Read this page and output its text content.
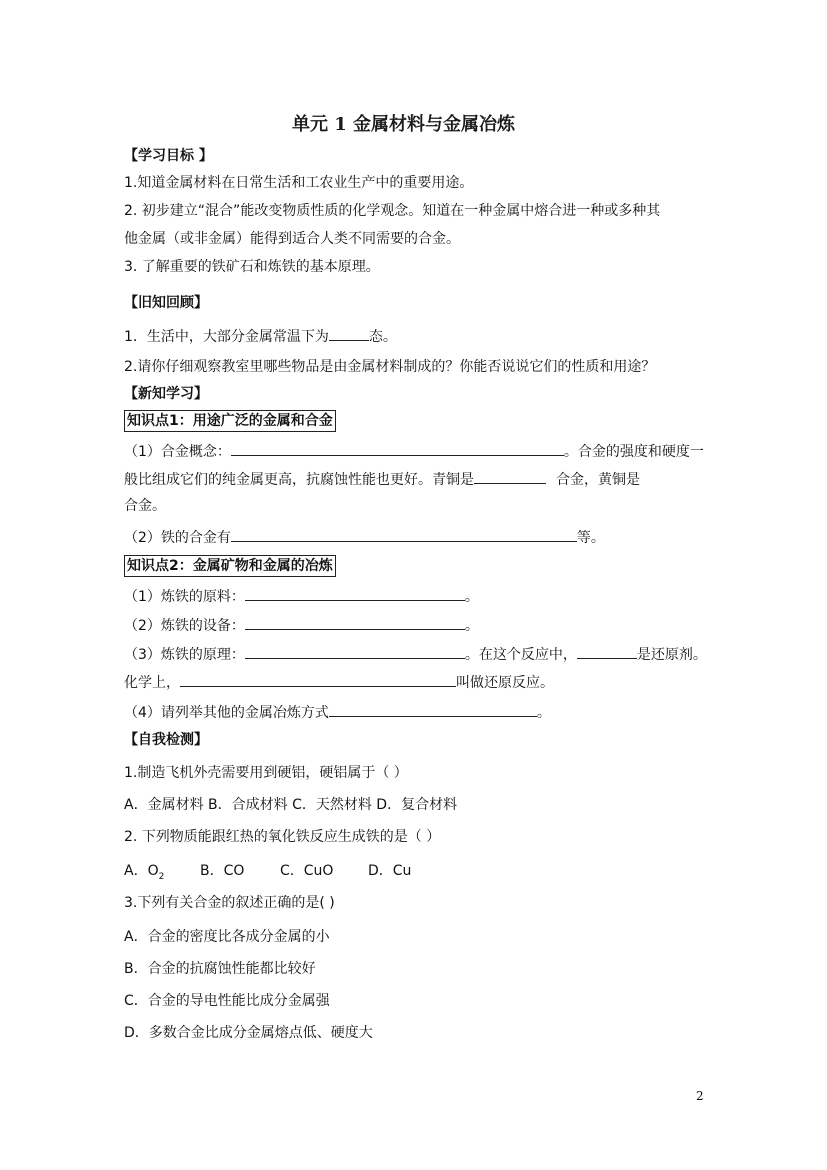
单元 1 金属材料与金属冶炼
【学习目标 】
1.知道金属材料在日常生活和工农业生产中的重要用途。
2. 初步建立“混合”能改变物质性质的化学观念。知道在一种金属中熔合进一种或多种其
他金属（或非金属）能得到适合人类不同需要的合金。
3. 了解重要的铁矿石和炼铁的基本原理。
【旧知回顾】
1．生活中，大部分金属常温下为	态。
2.请你仔细观察教室里哪些物品是由金属材料制成的？你能否说说它们的性质和用途？
【新知学习】
知识点1：用途广泛的金属和合金
（1）合金概念：	。合金的强度和硬度一
般比组成它们的纯金属更高，抗腐蚀性能也更好。青铜是	合金，黄铜是
合金。
（2）铁的合金有	等。
知识点2：金属矿物和金属的冶炼
（1）炼铁的原料：	。
（2）炼铁的设备：	。
（3）炼铁的原理：	。在这个反应中，	是还原剂。
化学上，	叫做还原反应。
（4）请列举其他的金属冶炼方式	。
【自我检测】
1.制造飞机外壳需要用到硬铝，硬铝属于（ ）
A．金属材料 B．合成材料 C．天然材料 D．复合材料
2. 下列物质能跟红热的氧化铁反应生成铁的是（ ）
A．$O_2$	B．CO	C．CuO D．Cu
3.下列有关合金的叙述正确的是( )
A．合金的密度比各成分金属的小
B．合金的抗腐蚀性能都比较好
C．合金的导电性能比成分金属强
D．多数合金比成分金属熔点低、硬度大
2
